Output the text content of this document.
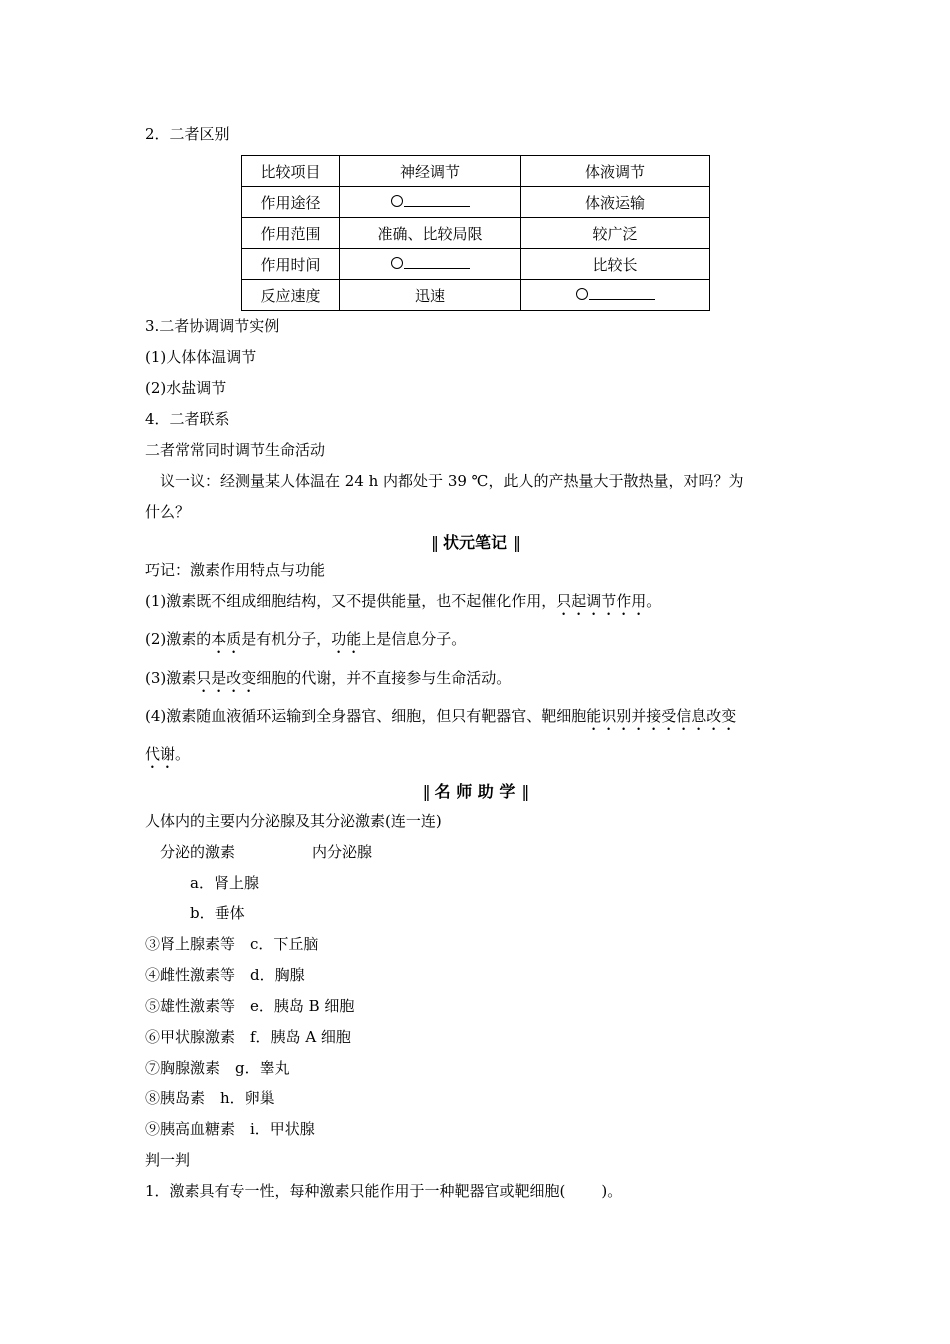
2．二者区别
比较项目	神经调节	体液调节
作用途径		体液运输
作用范围	准确、比较局限	较广泛
作用时间		比较长
反应速度	迅速	
3.二者协调调节实例
(1)人体体温调节
(2)水盐调节
4．二者联系
二者常常同时调节生命活动
议一议：经测量某人体温在 24 h 内都处于 39 ℃，此人的产热量大于散热量，对吗？为
什么？
‖ 状元笔记 ‖
巧记：激素作用特点与功能
(1)激素既不组成细胞结构，又不提供能量，也不起催化作用，只起调节作用。
(2)激素的本质是有机分子，功能上是信息分子。
(3)激素只是改变细胞的代谢，并不直接参与生命活动。
(4)激素随血液循环运输到全身器官、细胞，但只有靶器官、靶细胞能识别并接受信息改变
代谢。
‖ 名 师 助 学 ‖
人体内的主要内分泌腺及其分泌激素(连一连)
分泌的激素	内分泌腺
a．肾上腺
b．垂体
③肾上腺素等　c．下丘脑
④雌性激素等　d．胸腺
⑤雄性激素等　e．胰岛 B 细胞
⑥甲状腺激素　f．胰岛 A 细胞
⑦胸腺激素　g．睾丸
⑧胰岛素　h．卵巢
⑨胰高血糖素　i．甲状腺
判一判
1．激素具有专一性，每种激素只能作用于一种靶器官或靶细胞( )。
